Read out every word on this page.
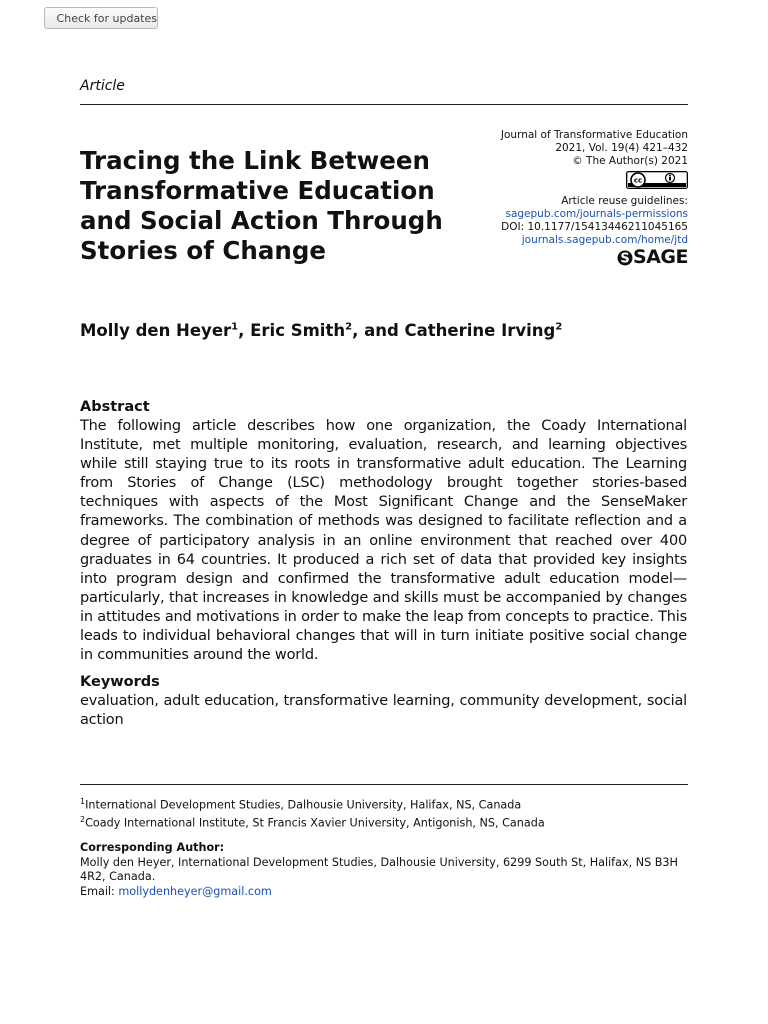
Check for updates
Article
Tracing the Link Between
Transformative Education
and Social Action Through
Stories of Change
Journal of Transformative Education
2021, Vol. 19(4) 421–432
© The Author(s) 2021
cc
Article reuse guidelines:
sagepub.com/journals-permissions
DOI: 10.1177/15413446211045165
journals.sagepub.com/home/jtd
S SAGE
Molly den Heyer$^1$, Eric Smith$^2$, and Catherine Irving$^2$
Abstract
The following article describes how one organization, the Coady International Institute, met multiple monitoring, evaluation, research, and learning objectives while still staying true to its roots in transformative adult education. The Learning from Stories of Change (LSC) methodology brought together stories-based techniques with aspects of the Most Significant Change and the SenseMaker frameworks. The combination of methods was designed to facilitate reflection and a degree of participatory analysis in an online environment that reached over 400 graduates in 64 countries. It produced a rich set of data that provided key insights into program design and confirmed the transformative adult education model—particularly, that increases in knowledge and skills must be accompanied by changes in attitudes and motivations in order to make the leap from concepts to practice. This leads to individual behavioral changes that will in turn initiate positive social change in communities around the world.
Keywords
evaluation, adult education, transformative learning, community development, social action
$^1$International Development Studies, Dalhousie University, Halifax, NS, Canada
$^2$Coady International Institute, St Francis Xavier University, Antigonish, NS, Canada
Corresponding Author:
Molly den Heyer, International Development Studies, Dalhousie University, 6299 South St, Halifax, NS B3H 4R2, Canada.
Email: mollydenheyer@gmail.com
